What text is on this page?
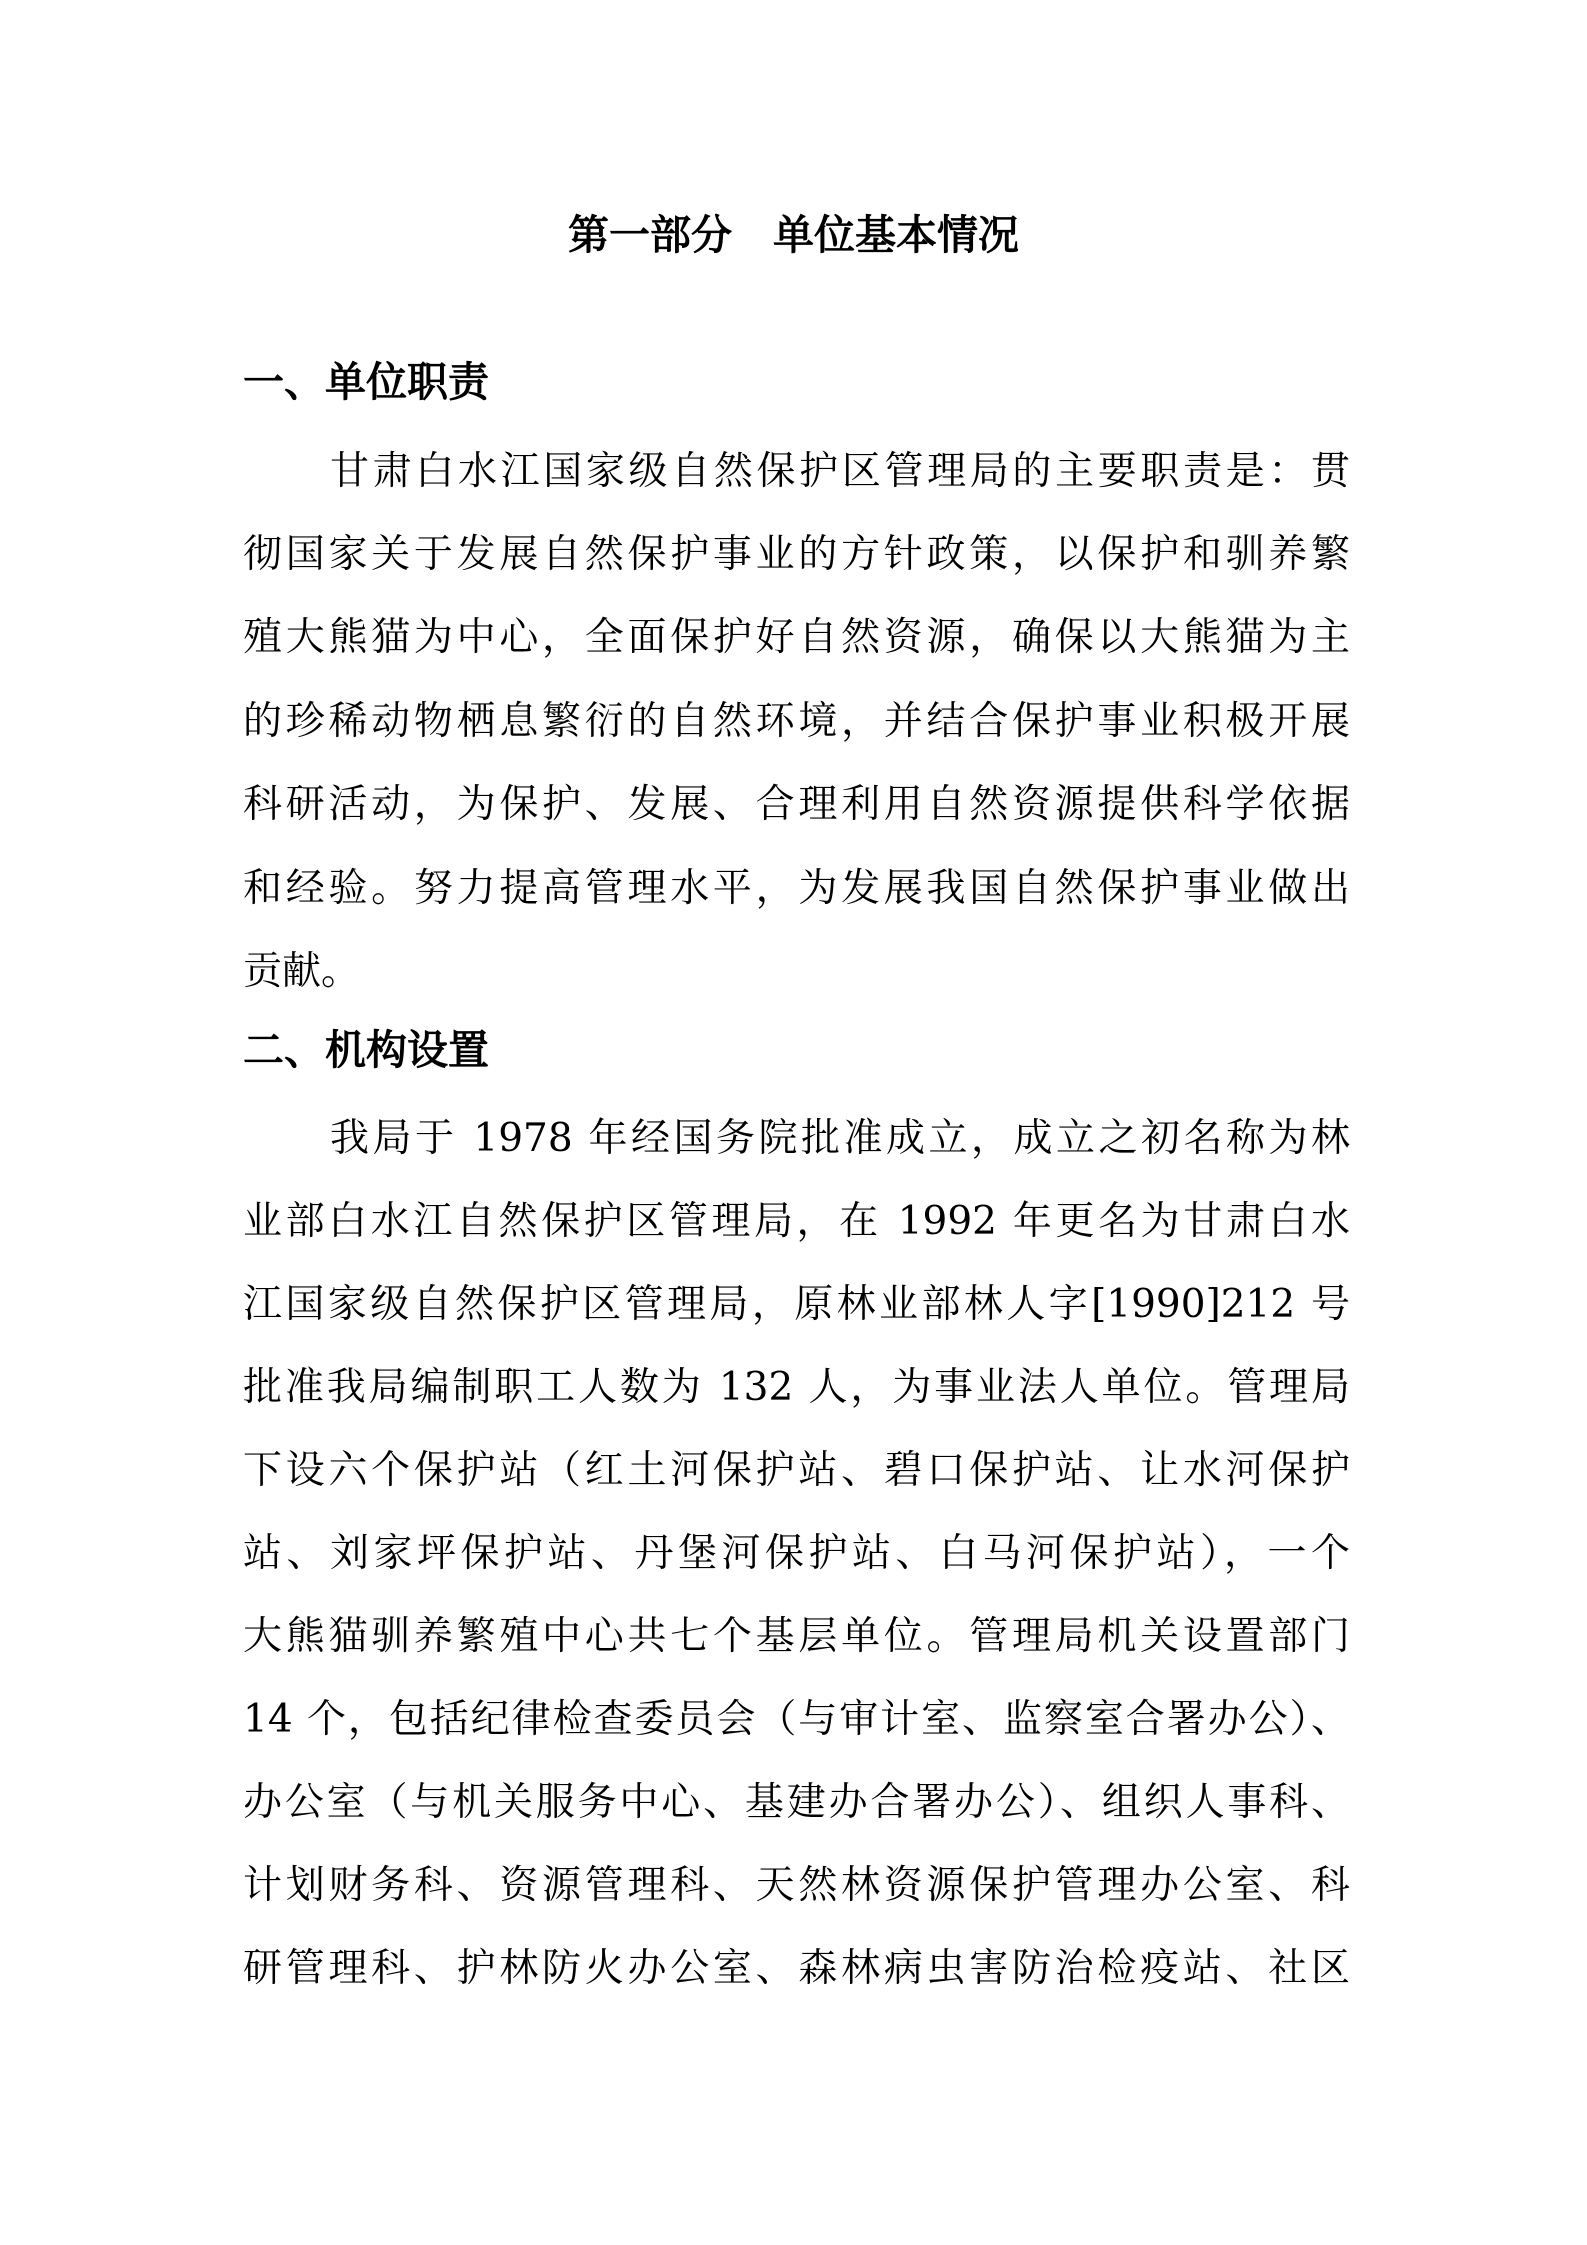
第一部分　单位基本情况
一、单位职责
甘肃白水江国家级自然保护区管理局的主要职责是：贯
彻国家关于发展自然保护事业的方针政策，以保护和驯养繁
殖大熊猫为中心，全面保护好自然资源，确保以大熊猫为主
的珍稀动物栖息繁衍的自然环境，并结合保护事业积极开展
科研活动，为保护、发展、合理利用自然资源提供科学依据
和经验。努力提高管理水平，为发展我国自然保护事业做出
贡献。
二、机构设置
我局于 1978 年经国务院批准成立，成立之初名称为林
业部白水江自然保护区管理局，在 1992 年更名为甘肃白水
江国家级自然保护区管理局，原林业部林人字[1990]212 号
批准我局编制职工人数为 132 人，为事业法人单位。管理局
下设六个保护站（红土河保护站、碧口保护站、让水河保护
站、刘家坪保护站、丹堡河保护站、白马河保护站），一个
大熊猫驯养繁殖中心共七个基层单位。管理局机关设置部门
14 个，包括纪律检查委员会（与审计室、监察室合署办公）、
办公室（与机关服务中心、基建办合署办公）、组织人事科、
计划财务科、资源管理科、天然林资源保护管理办公室、科
研管理科、护林防火办公室、森林病虫害防治检疫站、社区
